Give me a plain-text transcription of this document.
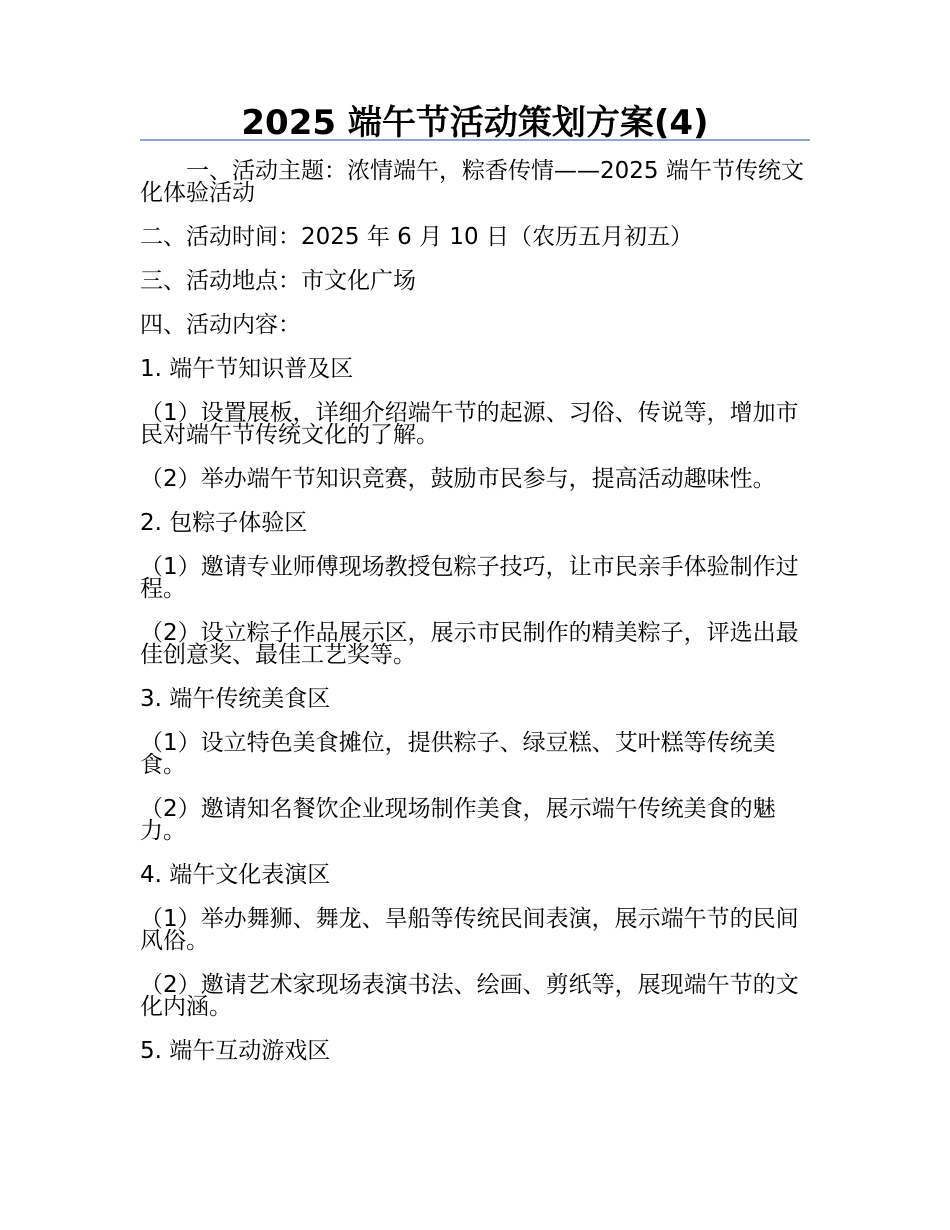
2025 端午节活动策划方案(4)

一、活动主题：浓情端午，粽香传情——2025 端午节传统文化体验活动

二、活动时间：2025 年 6 月 10 日（农历五月初五）

三、活动地点：市文化广场

四、活动内容：

1. 端午节知识普及区

（1）设置展板，详细介绍端午节的起源、习俗、传说等，增加市民对端午节传统文化的了解。

（2）举办端午节知识竞赛，鼓励市民参与，提高活动趣味性。

2. 包粽子体验区

（1）邀请专业师傅现场教授包粽子技巧，让市民亲手体验制作过程。

（2）设立粽子作品展示区，展示市民制作的精美粽子，评选出最佳创意奖、最佳工艺奖等。

3. 端午传统美食区

（1）设立特色美食摊位，提供粽子、绿豆糕、艾叶糕等传统美食。

（2）邀请知名餐饮企业现场制作美食，展示端午传统美食的魅力。

4. 端午文化表演区

（1）举办舞狮、舞龙、旱船等传统民间表演，展示端午节的民间风俗。

（2）邀请艺术家现场表演书法、绘画、剪纸等，展现端午节的文化内涵。

5. 端午互动游戏区
